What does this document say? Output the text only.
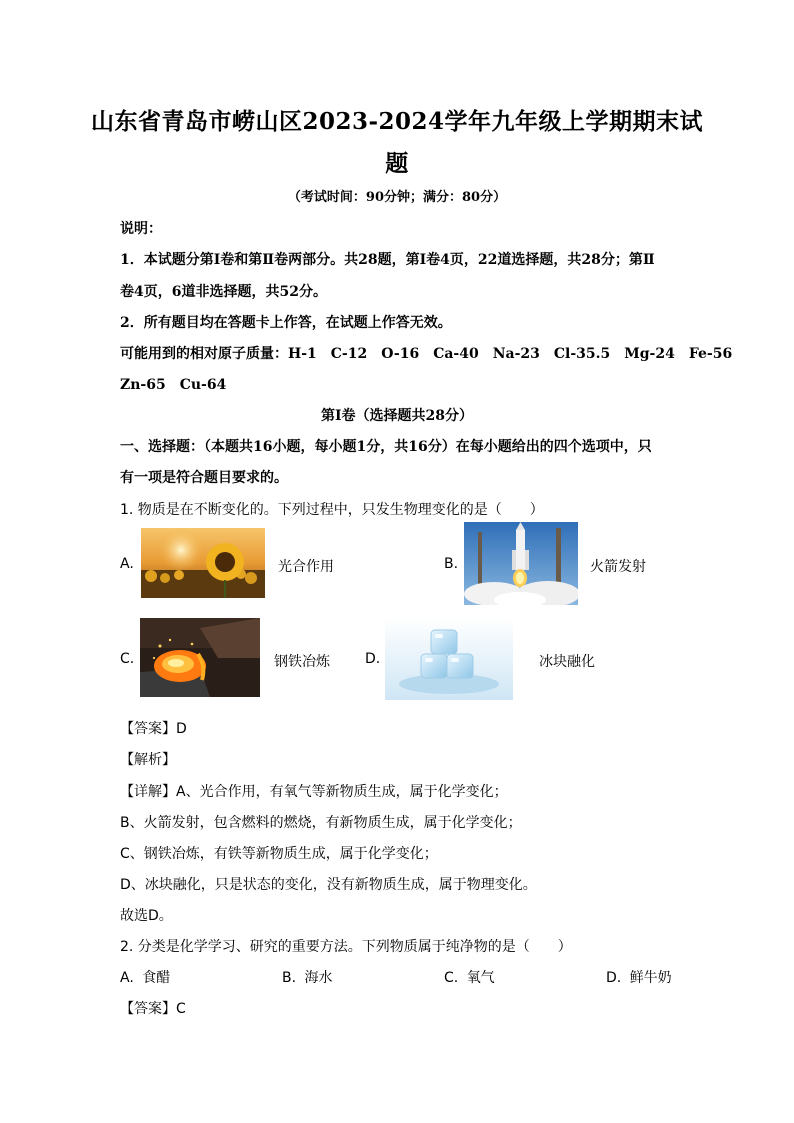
山东省青岛市崂山区2023-2024学年九年级上学期期末试
题
（考试时间：90分钟；满分：80分）
说明：
1．本试题分第Ⅰ卷和第Ⅱ卷两部分。共28题，第Ⅰ卷4页，22道选择题，共28分；第Ⅱ
卷4页，6道非选择题，共52分。
2．所有题目均在答题卡上作答，在试题上作答无效。
可能用到的相对原子质量：H-1　C-12　O-16　Ca-40　Na-23　Cl-35.5　Mg-24　Fe-56
Zn-65　Cu-64
第Ⅰ卷（选择题共28分）
一、选择题：（本题共16小题，每小题1分，共16分）在每小题给出的四个选项中，只
有一项是符合题目要求的。
1. 物质是在不断变化的。下列过程中，只发生物理变化的是（　　）
A.	光合作用	B.	火箭发射
C.	钢铁冶炼	D.	冰块融化
【答案】D
【解析】
【详解】A、光合作用，有氧气等新物质生成，属于化学变化；
B、火箭发射，包含燃料的燃烧，有新物质生成，属于化学变化；
C、钢铁冶炼，有铁等新物质生成，属于化学变化；
D、冰块融化，只是状态的变化，没有新物质生成，属于物理变化。
故选D。
2. 分类是化学学习、研究的重要方法。下列物质属于纯净物的是（　　）
A. 食醋	B. 海水	C. 氧气	D. 鲜牛奶
【答案】C
